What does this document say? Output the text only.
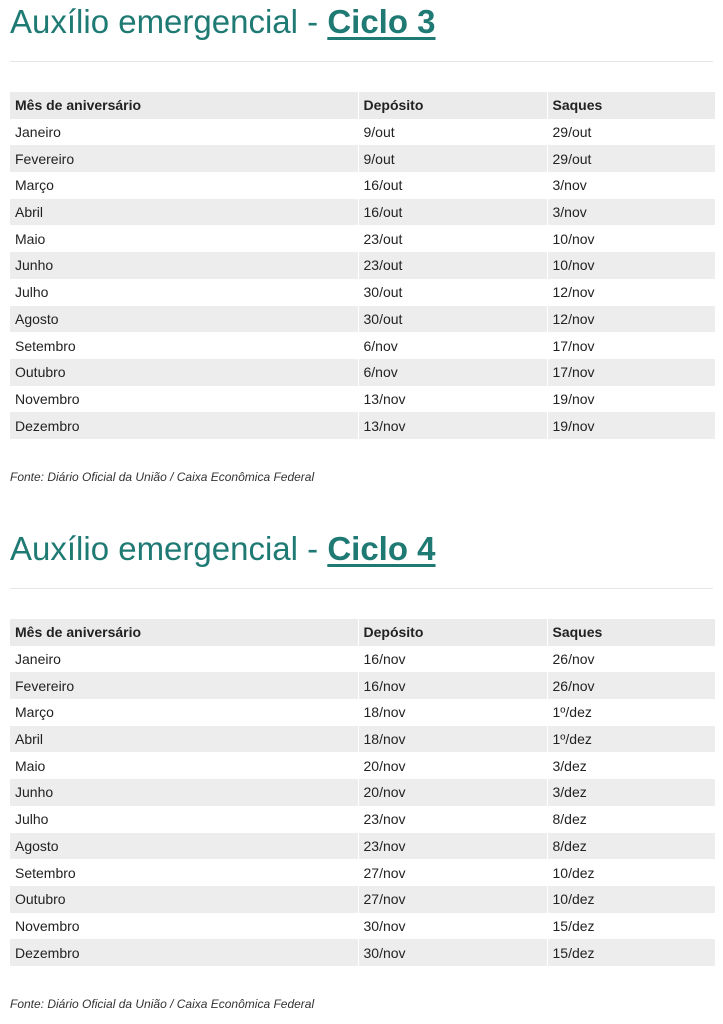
Auxílio emergencial - Ciclo 3
Mês de aniversário	Depósito	Saques
Janeiro	9/out	29/out
Fevereiro	9/out	29/out
Março	16/out	3/nov
Abril	16/out	3/nov
Maio	23/out	10/nov
Junho	23/out	10/nov
Julho	30/out	12/nov
Agosto	30/out	12/nov
Setembro	6/nov	17/nov
Outubro	6/nov	17/nov
Novembro	13/nov	19/nov
Dezembro	13/nov	19/nov
Fonte: Diário Oficial da União / Caixa Econômica Federal
Auxílio emergencial - Ciclo 4
Mês de aniversário	Depósito	Saques
Janeiro	16/nov	26/nov
Fevereiro	16/nov	26/nov
Março	18/nov	1º/dez
Abril	18/nov	1º/dez
Maio	20/nov	3/dez
Junho	20/nov	3/dez
Julho	23/nov	8/dez
Agosto	23/nov	8/dez
Setembro	27/nov	10/dez
Outubro	27/nov	10/dez
Novembro	30/nov	15/dez
Dezembro	30/nov	15/dez
Fonte: Diário Oficial da União / Caixa Econômica Federal
